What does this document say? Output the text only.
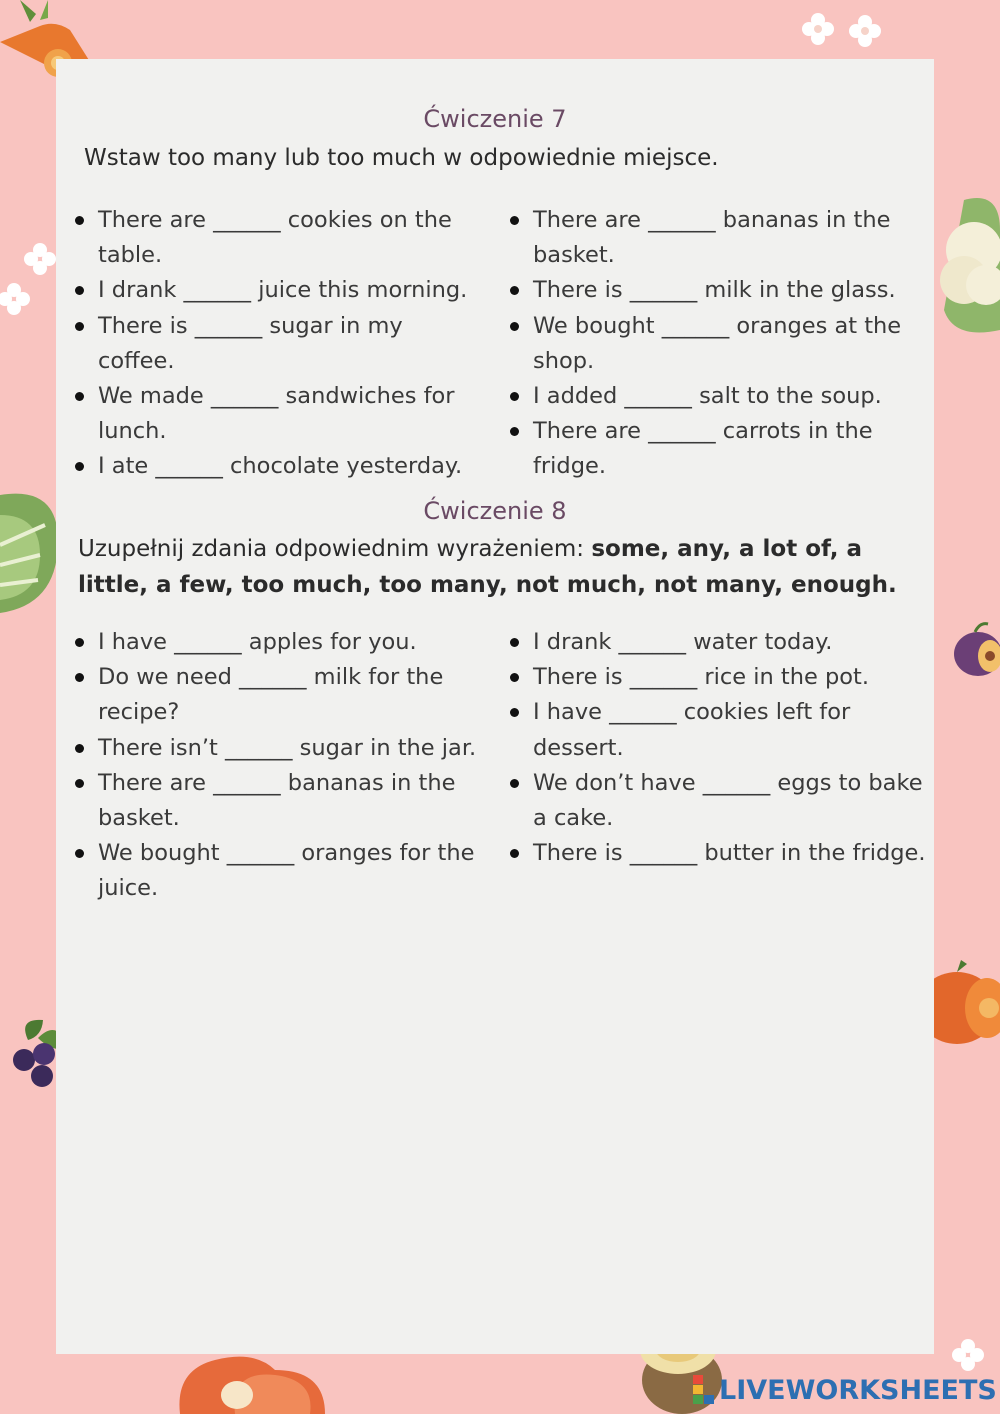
Ćwiczenie 7
Wstaw too many lub too much w odpowiednie miejsce.
There are ______ cookies on the table.
I drank ______ juice this morning.
There is ______ sugar in my coffee.
We made ______ sandwiches for lunch.
I ate ______ chocolate yesterday.
There are ______ bananas in the basket.
There is ______ milk in the glass.
We bought ______ oranges at the shop.
I added ______ salt to the soup.
There are ______ carrots in the fridge.
Ćwiczenie 8
Uzupełnij zdania odpowiednim wyrażeniem: some, any, a lot of, a little, a few, too much, too many, not much, not many, enough.
I have ______ apples for you.
Do we need ______ milk for the recipe?
There isn’t ______ sugar in the jar.
There are ______ bananas in the basket.
We bought ______ oranges for the juice.
I drank ______ water today.
There is ______ rice in the pot.
I have ______ cookies left for dessert.
We don’t have ______ eggs to bake a cake.
There is ______ butter in the fridge.
LIVEWORKSHEETS
